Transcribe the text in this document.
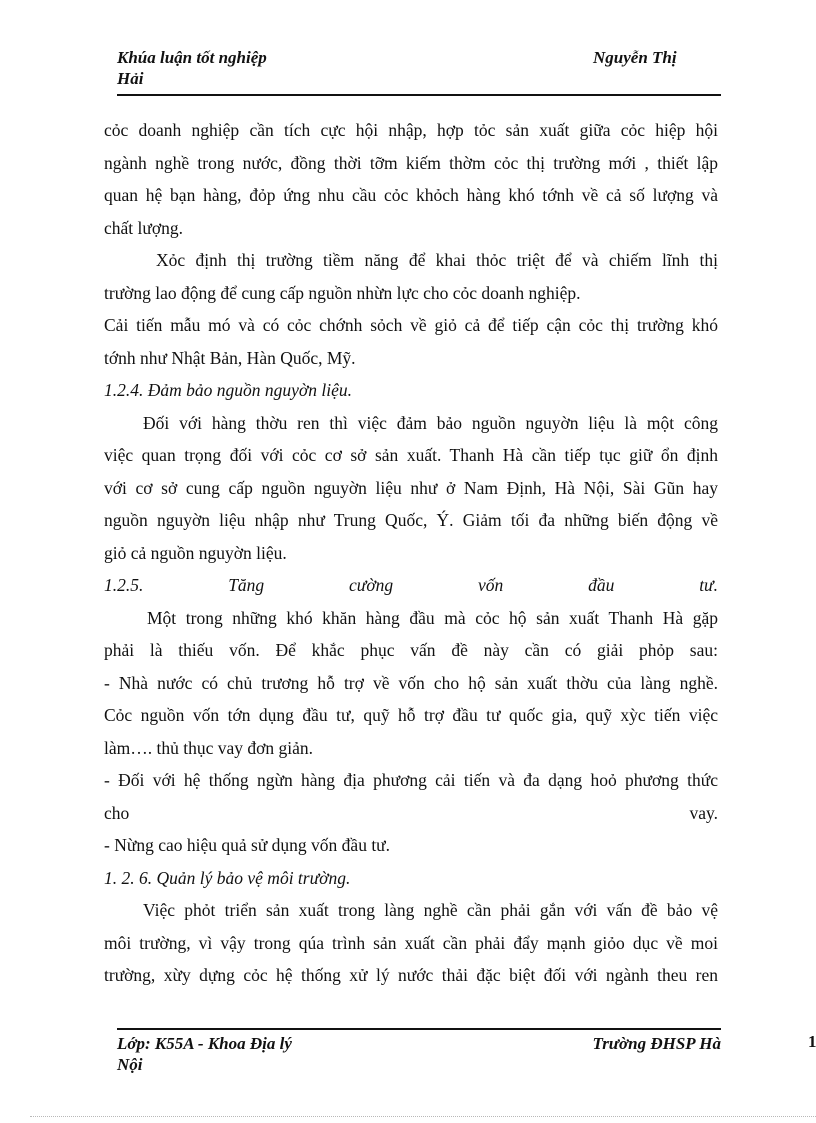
Khúa luận tốt nghiệp
Hải
Nguyễn Thị
cỏc doanh nghiệp cần tích cực hội nhập, hợp tỏc sản xuất giữa cỏc hiệp hội
ngành nghề trong nước, đồng thời tỡm kiếm thờm cỏc thị trường mới , thiết lập
quan hệ bạn hàng, đỏp ứng nhu cầu cỏc khỏch hàng khó tớnh về cả số lượng và
chất lượng.
Xỏc định thị trường tiềm năng để khai thỏc triệt để và chiếm lĩnh thị
trường lao động để cung cấp nguồn nhừn lực cho cỏc doanh nghiệp.
Cải tiến mẫu mó và có cỏc chớnh sỏch về giỏ cả để tiếp cận cỏc thị trường khó
tớnh như Nhật Bản, Hàn Quốc, Mỹ.
1.2.4. Đảm bảo nguồn nguyờn liệu.
Đối với hàng thờu ren thì việc đảm bảo nguồn nguyờn liệu là một công
việc quan trọng đối với cỏc cơ sở sản xuất. Thanh Hà cần tiếp tục giữ ổn định
với cơ sở cung cấp nguồn nguyờn liệu như ở Nam Định, Hà Nội, Sài Gũn hay
nguồn nguyờn liệu nhập như Trung Quốc, Ý. Giảm tối đa những biến động về
giỏ cả nguồn nguyờn liệu.
1.2.5.	Tăng	cường	vốn	đầu	tư.
Một trong những khó khăn hàng đầu mà cỏc hộ sản xuất Thanh Hà gặp
phải là thiếu vốn. Để khắc phục vấn đề này cần có giải phỏp sau:
- Nhà nước có chủ trương hỗ trợ về vốn cho hộ sản xuất thờu của làng nghề.
Cỏc nguồn vốn tớn dụng đầu tư, quỹ hỗ trợ đầu tư quốc gia, quỹ xỳc tiến việc
làm…. thủ thục vay đơn giản.
- Đối với hệ thống ngừn hàng địa phương cải tiến và đa dạng hoỏ phương thức
cho	vay.
- Nừng cao hiệu quả sử dụng vốn đầu tư.
1. 2. 6. Quản lý bảo vệ môi trường.
Việc phỏt triển sản xuất trong làng nghề cần phải gắn với vấn đề bảo vệ
môi trường, vì vậy trong qúa trình sản xuất cần phải đẩy mạnh giỏo dục về moi
trường, xừy dựng cỏc hệ thống xử lý nước thải đặc biệt đối với ngành theu ren
Lớp: K55A - Khoa Địa lý
Nội
Trường ĐHSP Hà	1
